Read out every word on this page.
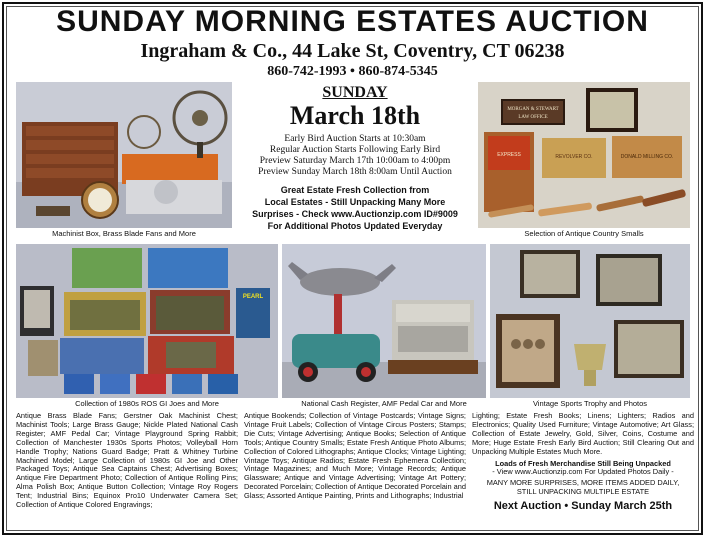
SUNDAY MORNING ESTATES AUCTION
Ingraham & Co., 44 Lake St, Coventry, CT 06238
860-742-1993 • 860-874-5345
Machinist Box, Brass Blade Fans and More
MORGAN & STEWART
LAW OFFICE
EXPRESS	REVOLVER CO.	DONALD MILLING CO.
Selection of Antique Country Smalls
SUNDAY
March 18th
Early Bird Auction Starts at 10:30am
Regular Auction Starts Following Early Bird
Preview Saturday March 17th 10:00am to 4:00pm
Preview Sunday March 18th 8:00am Until Auction
Great Estate Fresh Collection from
Local Estates - Still Unpacking Many More
Surprises - Check www.Auctionzip.com ID#9009
For Additional Photos Updated Everyday
PEARL
Collection of 1980s ROS GI Joes and More	National Cash Register, AMF Pedal Car and More	Vintage Sports Trophy and Photos
Antique Brass Blade Fans; Gerstner Oak Machinist Chest; Machinist Tools; Large Brass Gauge; Nickle Plated National Cash Register; AMF Pedal Car; Vintage Playground Spring Rabbit; Collection of Manchester 1930s Sports Photos; Volleyball Horn Handle Trophy; Nations Guard Badge; Pratt & Whitney Turbine Machined Model; Large Collection of 1980s GI Joe and Other Packaged Toys; Antique Sea Captains Chest; Advertising Boxes; Antique Fire Department Photo; Collection of Antique Rolling Pins; Alma Polish Box; Antique Button Collection; Vintage Roy Rogers Tent; Industrial Bins; Equinox Pro10 Underwater Camera Set; Collection of Antique Colored Engravings;
Antique Bookends; Collection of Vintage Postcards; Vintage Signs; Vintage Fruit Labels; Collection of Vintage Circus Posters; Stamps; Die Cuts; Vintage Advertising; Antique Books; Selection of Antique Tools; Antique Country Smalls; Estate Fresh Antique Photo Albums; Collection of Colored Lithographs; Antique Clocks; Vintage Lighting; Vintage Toys; Antique Radios; Estate Fresh Ephemera Collection; Vintage Magazines; and Much More; Vintage Records; Antique Glassware; Antique and Vintage Advertising; Vintage Art Pottery; Decorated Porcelain; Collection of Antique Decorated Porcelain and Glass; Assorted Antique Painting, Prints and Lithographs; Industrial
Lighting; Estate Fresh Books; Linens; Lighters; Radios and Electronics; Quality Used Furniture; Vintage Automotive; Art Glass; Collection of Estate Jewelry, Gold, Silver, Coins, Costume and More; Huge Estate Fresh Early Bird Auction; Still Clearing Out and Unpacking Multiple Estates Much More.
Loads of Fresh Merchandise Still Being Unpacked
- View www.Auctionzip.com For Updated Photos Daily -
MANY MORE SURPRISES, MORE ITEMS ADDED DAILY,
STILL UNPACKING MULTIPLE ESTATE
Next Auction • Sunday March 25th
